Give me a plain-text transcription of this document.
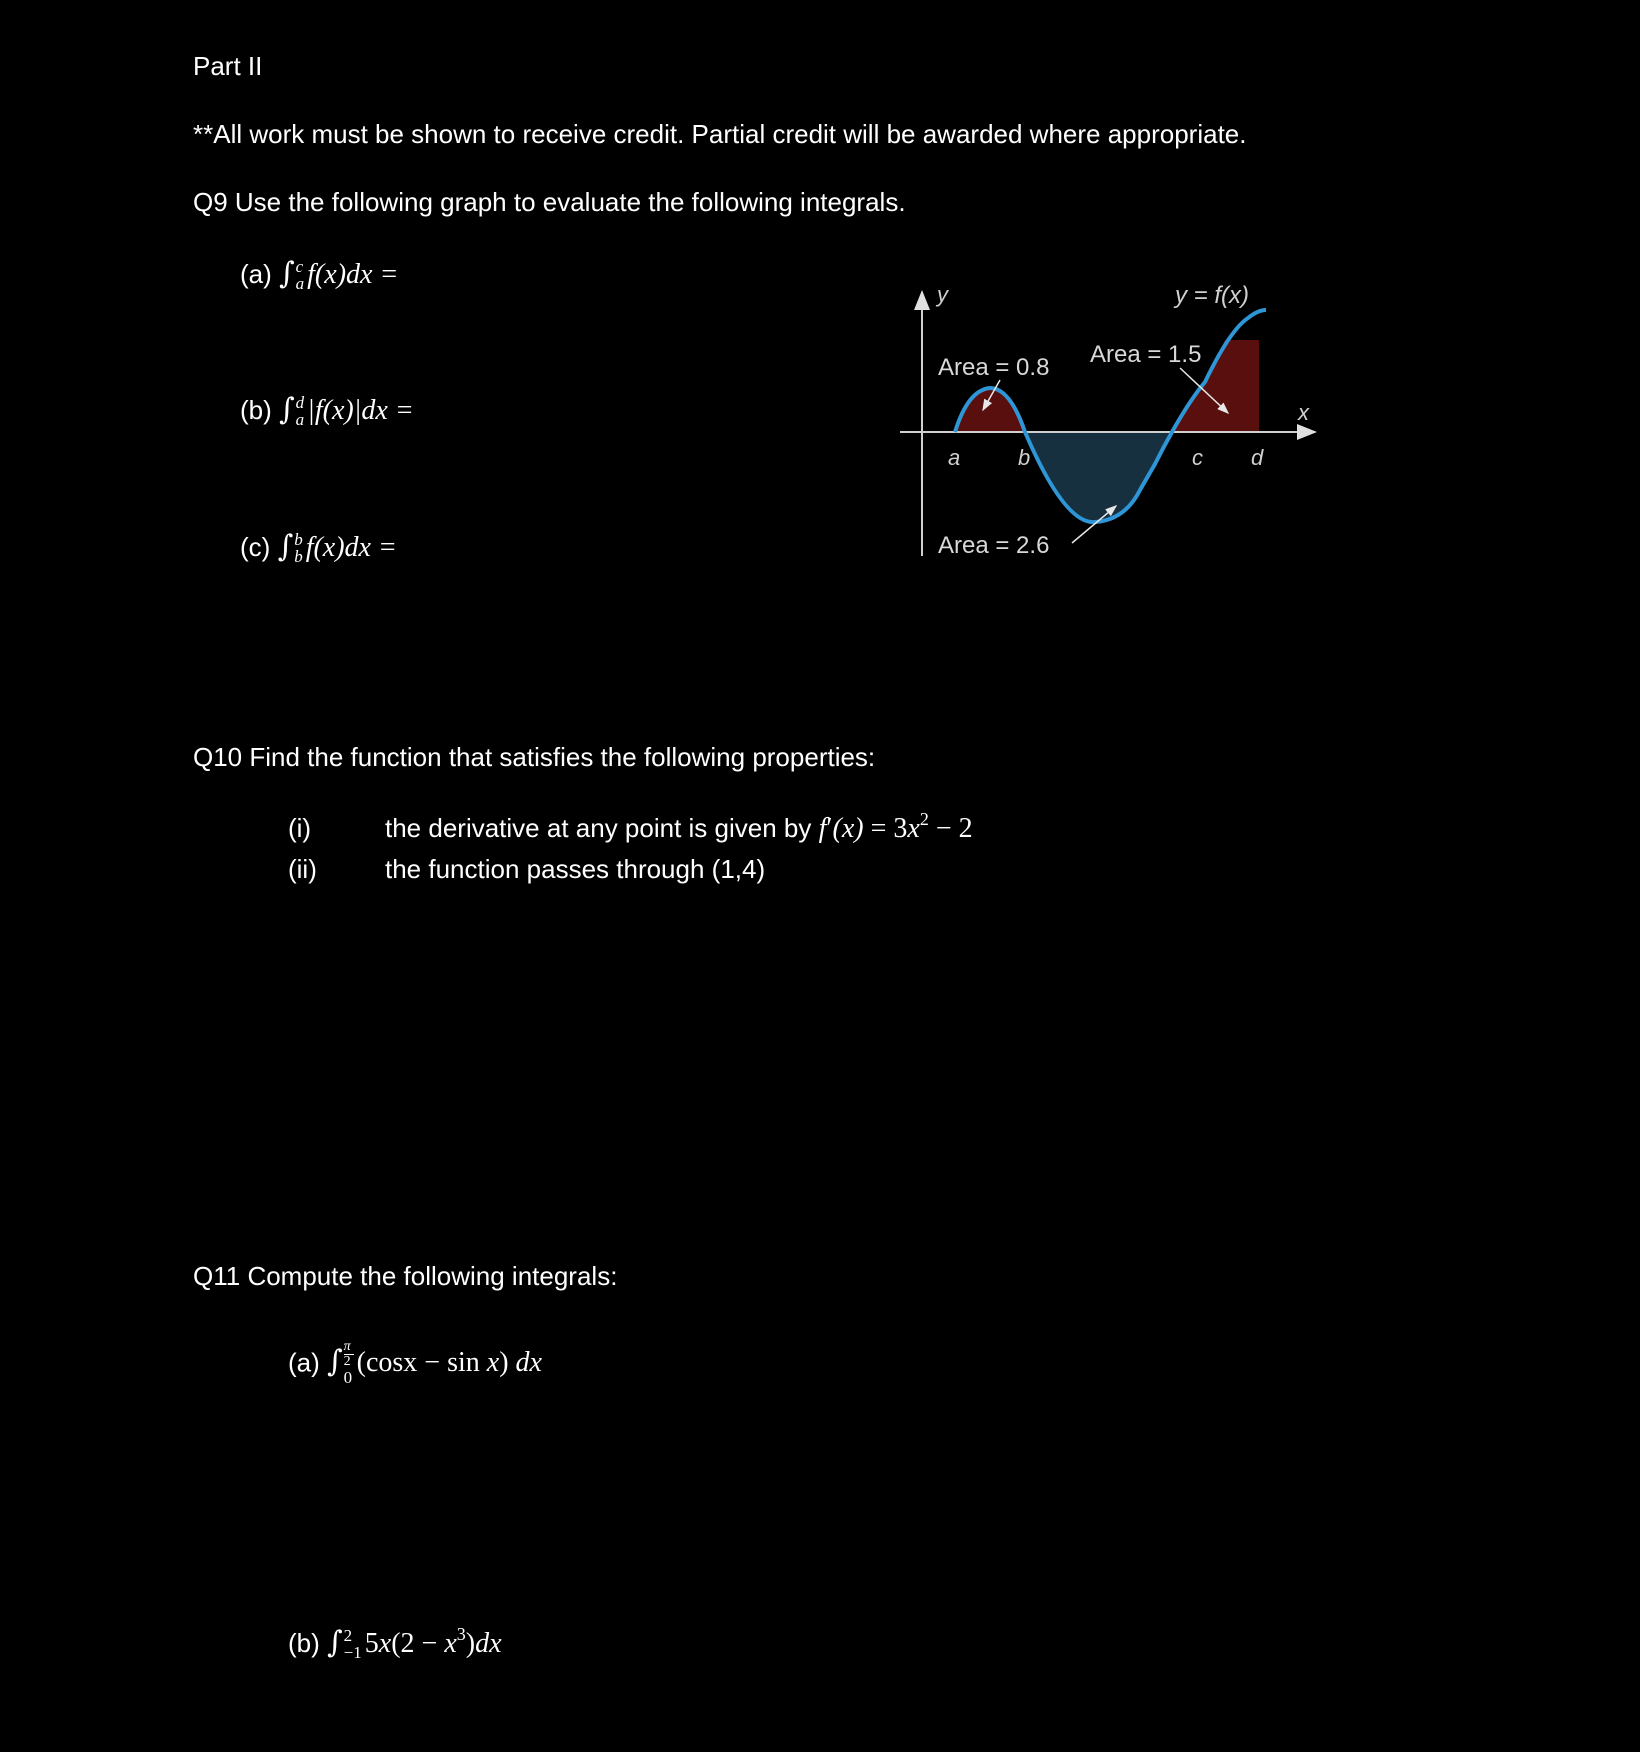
Part II
**All work must be shown to receive credit. Partial credit will be awarded where appropriate.
Q9 Use the following graph to evaluate the following integrals.
(a) ∫ c
a f(x)dx =
(b) ∫ d
a |f(x)|dx =
(c) ∫ b
b f(x)dx =
y
x
y = f(x)
Area = 0.8 Area = 1.5
Area = 2.6
a	b	c d
Q10 Find the function that satisfies the following properties:
(i)	the derivative at any point is given by $f'(x) = 3x^2 - 2$
(ii)	the function passes through (1,4)
Q11 Compute the following integrals:
(a) ∫ $\frac{\pi}{2}$
0 (cosx − sin x) dx
(b) ∫ 2
−1 $5x(2 - x^3)dx$
